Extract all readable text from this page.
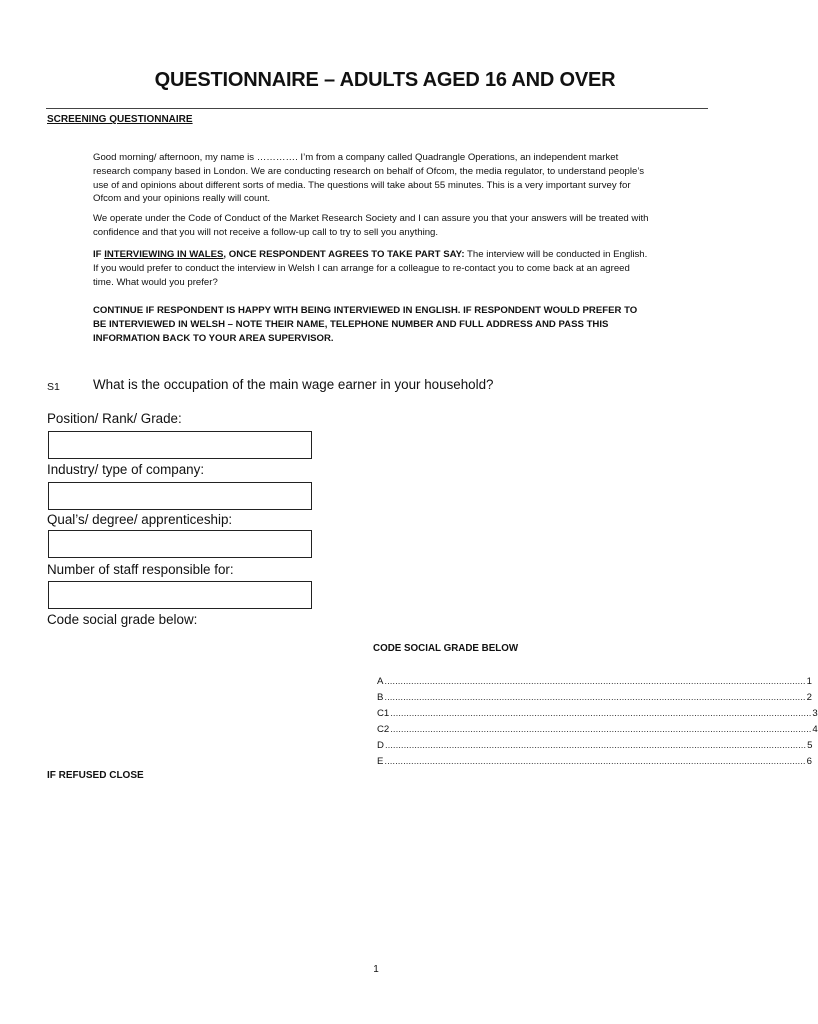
QUESTIONNAIRE – ADULTS AGED 16 AND OVER
SCREENING QUESTIONNAIRE

Good morning/ afternoon, my name is …………. I’m from a company called Quadrangle Operations, an independent market research company based in London. We are conducting research on behalf of Ofcom, the media regulator, to understand people’s use of and opinions about different sorts of media. The questions will take about 55 minutes. This is a very important survey for Ofcom and your opinions really will count.

We operate under the Code of Conduct of the Market Research Society and I can assure you that your answers will be treated with confidence and that you will not receive a follow-up call to try to sell you anything.

IF INTERVIEWING IN WALES, ONCE RESPONDENT AGREES TO TAKE PART SAY: The interview will be conducted in English. If you would prefer to conduct the interview in Welsh I can arrange for a colleague to re-contact you to come back at an agreed time. What would you prefer?

CONTINUE IF RESPONDENT IS HAPPY WITH BEING INTERVIEWED IN ENGLISH. IF RESPONDENT WOULD PREFER TO BE INTERVIEWED IN WELSH – NOTE THEIR NAME, TELEPHONE NUMBER AND FULL ADDRESS AND PASS THIS INFORMATION BACK TO YOUR AREA SUPERVISOR.
S1 What is the occupation of the main wage earner in your household?
Position/ Rank/ Grade:
Industry/ type of company:
Qual’s/ degree/ apprenticeship:
Number of staff responsible for:
Code social grade below:
CODE SOCIAL GRADE BELOW
A .............................................................................................................................................................. 1
B .............................................................................................................................................................. 2
C1 .............................................................................................................................................................. 3
C2 .............................................................................................................................................................. 4
D .............................................................................................................................................................. 5
E .............................................................................................................................................................. 6
IF REFUSED CLOSE
1
